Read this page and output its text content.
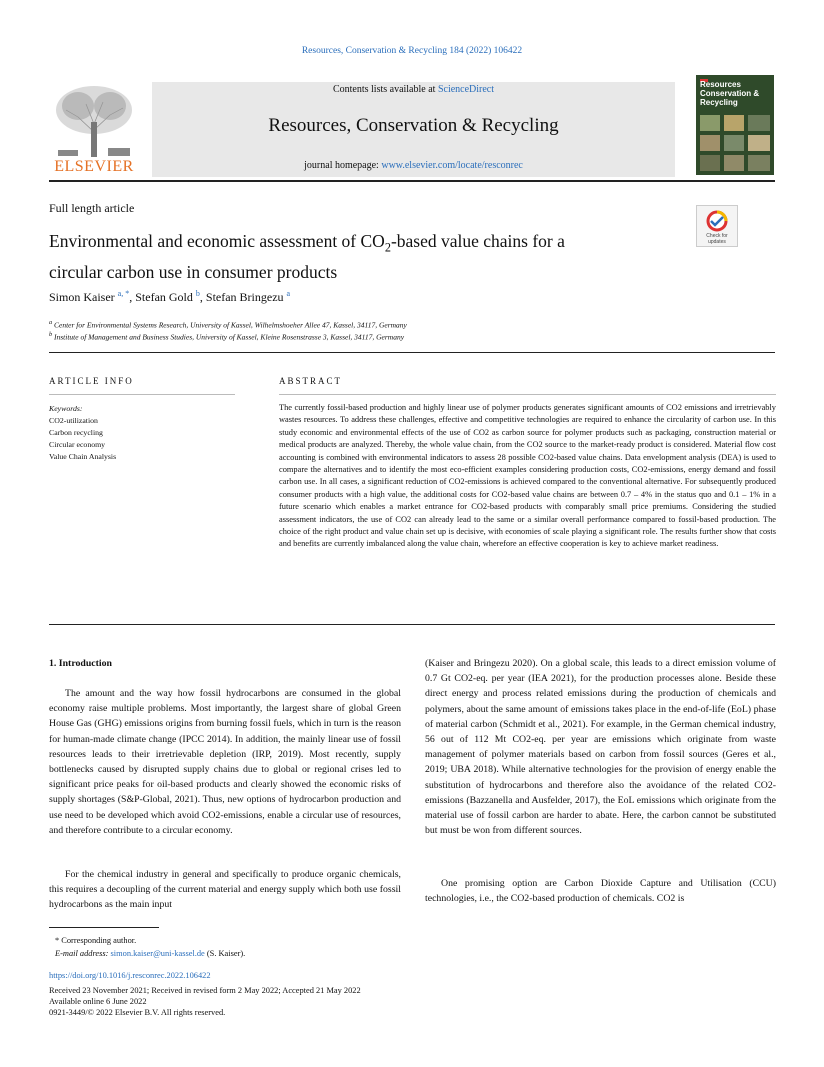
Resources, Conservation & Recycling 184 (2022) 106422
ELSEVIER
Contents lists available at ScienceDirect
Resources, Conservation & Recycling
journal homepage: www.elsevier.com/locate/resconrec
Resources Conservation & Recycling
Full length article
Check for updates
Environmental and economic assessment of $CO_2$-based value chains for a
circular carbon use in consumer products
Simon Kaiser $^{a, *}$, Stefan Gold $^b$, Stefan Bringezu $^a$
$^a$ Center for Environmental Systems Research, University of Kassel, Wilhelmshoeher Allee 47, Kassel, 34117, Germany
$^b$ Institute of Management and Business Studies, University of Kassel, Kleine Rosenstrasse 3, Kassel, 34117, Germany
ARTICLE INFO	ABSTRACT
Keywords:
CO2-utilization
Carbon recycling
Circular economy
Value Chain Analysis
The currently fossil-based production and highly linear use of polymer products generates significant amounts of CO2 emissions and irretrievably wastes resources. To address these challenges, effective and competitive technologies are required to enhance the circularity of carbon use. In this study economic and environmental effects of the use of CO2 as carbon source for polymer products such as packaging, construction material or medical products are analyzed. Thereby, the whole value chain, from the CO2 source to the market-ready product is considered. Material flow cost accounting is combined with environmental indicators to assess 28 possible CO2-based value chains. Data envelopment analysis (DEA) is used to compare the alternatives and to identify the most eco-efficient examples considering production costs, CO2-emissions, energy demand and fossil carbon use. In all cases, a significant reduction of CO2-emissions is achieved compared to the conventional alternative. For subsequently produced consumer products with a high value, the additional costs for CO2-based value chains are between 0.7 – 4% in the status quo and 0.1 – 1% in a future scenario which enables a market entrance for CO2-based products with comparably small price premiums. Considering the studied assessment indicators, the use of CO2 can already lead to the same or a similar overall performance compared to fossil-based production. The choice of the right product and value chain set up is decisive, with economies of scale playing a significant role. The results further show that costs and benefits are currently imbalanced along the value chain, wherefore an effective cooperation is key to achieve market readiness.
1. Introduction
The amount and the way how fossil hydrocarbons are consumed in the global economy raise multiple problems. Most importantly, the largest share of global Green House Gas (GHG) emissions origins from burning fossil fuels, which in turn is the reason for human-made climate change (IPCC 2014). In addition, the mainly linear use of fossil resources leads to their irretrievable depletion (IRP, 2019). Most recently, supply bottlenecks caused by disrupted supply chains due to global or regional crises led to significant price peaks for oil-based products and clearly showed the economic risks of supply shortages (S&P-Global, 2021). Thus, new options of hydrocarbon production and use need to be developed which avoid CO2-emissions, enable a circular use of resources, and therefore contribute to a circular economy.
For the chemical industry in general and specifically to produce organic chemicals, this requires a decoupling of the current material and energy supply which both use fossil hydrocarbons as the main input
(Kaiser and Bringezu 2020). On a global scale, this leads to a direct emission volume of 0.7 Gt CO2-eq. per year (IEA 2021), for the production processes alone. Beside these direct energy and process related emissions during the production of chemicals and polymers, about the same amount of emissions takes place in the end-of-life (EoL) phase of material carbon (Schmidt et al., 2021). For example, in the German chemical industry, 56 out of 112 Mt CO2-eq. per year are emissions which originate from waste management of polymer materials based on carbon from fossil sources (Geres et al., 2019; UBA 2018). While alternative technologies for the provision of energy enable the substitution of hydrocarbons and therefore also the avoidance of the related CO2-emissions (Bazzanella and Ausfelder, 2017), the EoL emissions which originate from the material use of fossil carbon are harder to abate. Here, the carbon cannot be substituted but must be won from different sources.
One promising option are Carbon Dioxide Capture and Utilisation (CCU) technologies, i.e., the CO2-based production of chemicals. CO2 is
* Corresponding author.
E-mail address: simon.kaiser@uni-kassel.de (S. Kaiser).
https://doi.org/10.1016/j.resconrec.2022.106422
Received 23 November 2021; Received in revised form 2 May 2022; Accepted 21 May 2022
Available online 6 June 2022
0921-3449/© 2022 Elsevier B.V. All rights reserved.
